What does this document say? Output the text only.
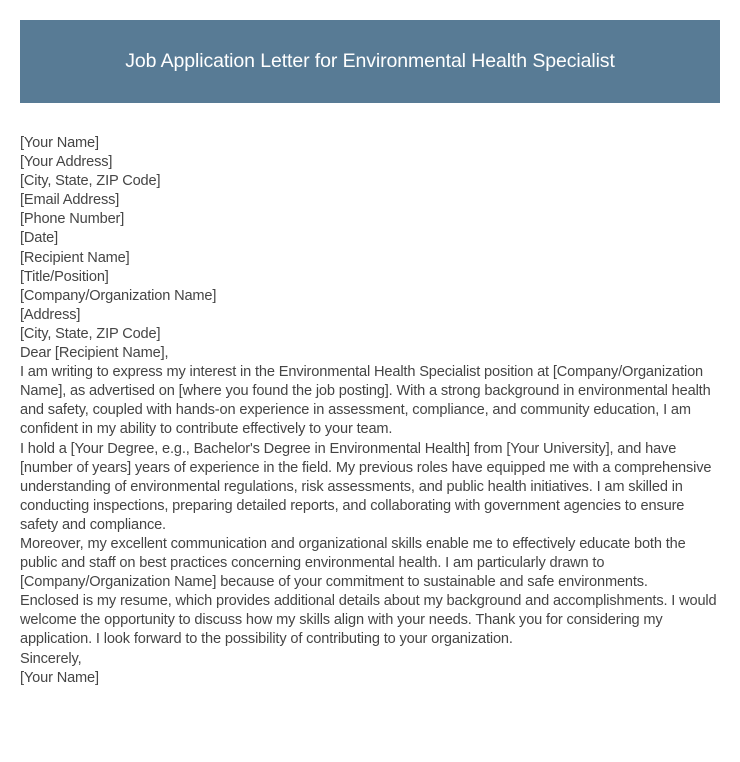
Job Application Letter for Environmental Health Specialist

[Your Name]

[Your Address]

[City, State, ZIP Code]

[Email Address]

[Phone Number]

[Date]

[Recipient Name]

[Title/Position]

[Company/Organization Name]

[Address]

[City, State, ZIP Code]

Dear [Recipient Name],

I am writing to express my interest in the Environmental Health Specialist position at [Company/Organization Name], as advertised on [where you found the job posting]. With a strong background in environmental health and safety, coupled with hands-on experience in assessment, compliance, and community education, I am confident in my ability to contribute effectively to your team.

I hold a [Your Degree, e.g., Bachelor's Degree in Environmental Health] from [Your University], and have [number of years] years of experience in the field. My previous roles have equipped me with a comprehensive understanding of environmental regulations, risk assessments, and public health initiatives. I am skilled in conducting inspections, preparing detailed reports, and collaborating with government agencies to ensure safety and compliance.

Moreover, my excellent communication and organizational skills enable me to effectively educate both the public and staff on best practices concerning environmental health. I am particularly drawn to [Company/Organization Name] because of your commitment to sustainable and safe environments.

Enclosed is my resume, which provides additional details about my background and accomplishments. I would welcome the opportunity to discuss how my skills align with your needs. Thank you for considering my application. I look forward to the possibility of contributing to your organization.

Sincerely,

[Your Name]
